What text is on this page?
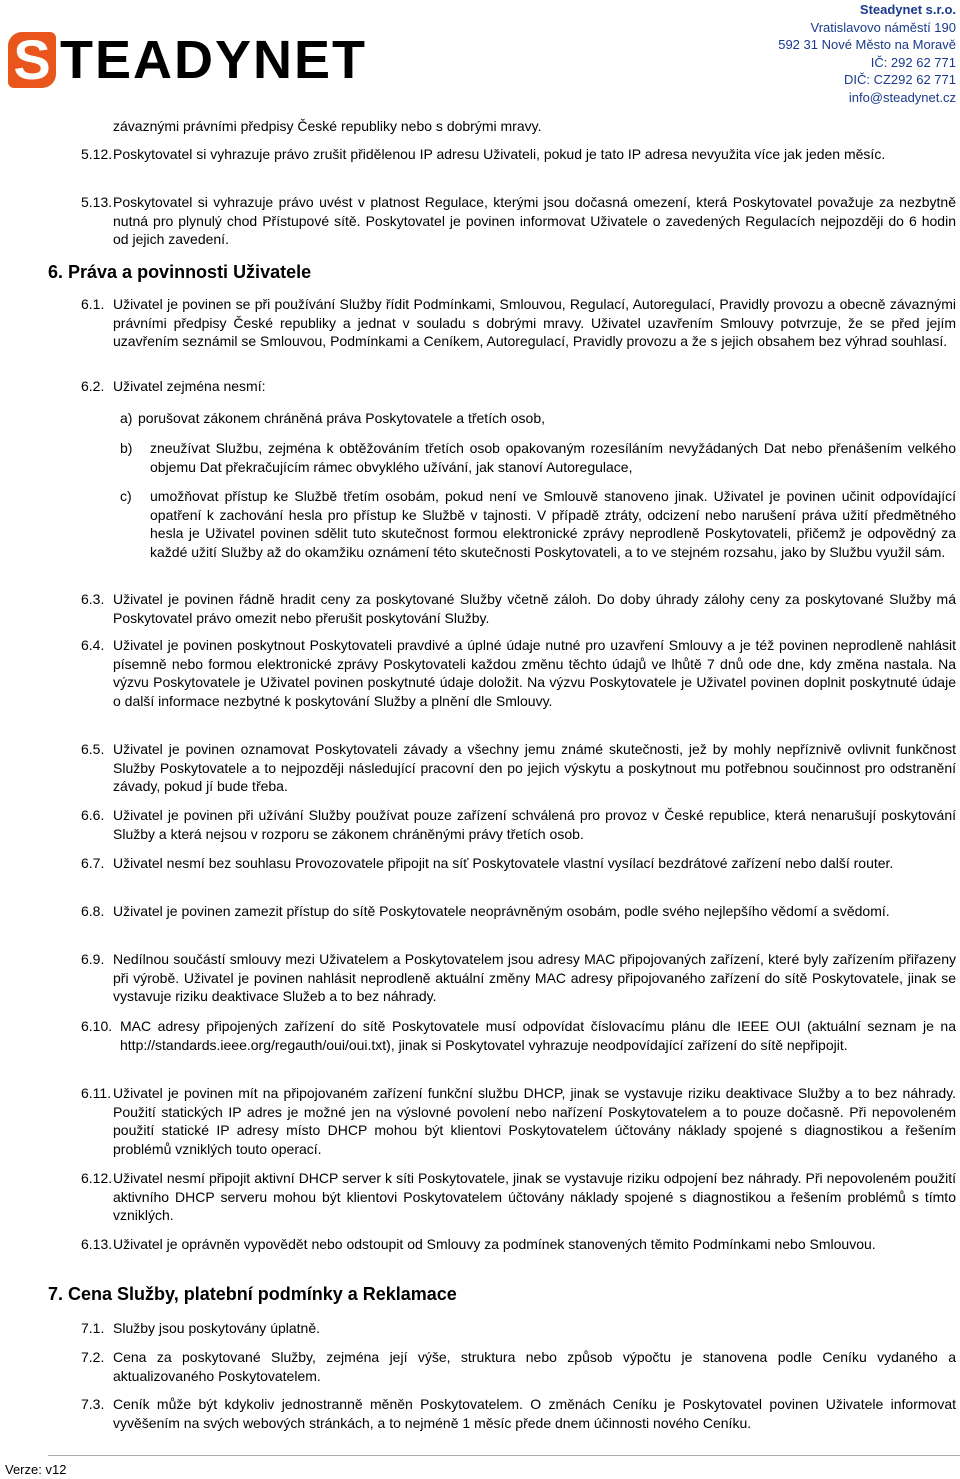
S TEADYNET
Steadynet s.r.o.
Vratislavovo náměstí 190
592 31 Nové Město na Moravě
IČ: 292 62 771
DIČ: CZ292 62 771
info@steadynet.cz
závaznými právními předpisy České republiky nebo s dobrými mravy.
5.12. Poskytovatel si vyhrazuje právo zrušit přidělenou IP adresu Uživateli, pokud je tato IP adresa nevyužita více jak jeden měsíc.
5.13. Poskytovatel si vyhrazuje právo uvést v platnost Regulace, kterými jsou dočasná omezení, která Poskytovatel považuje za nezbytně nutná pro plynulý chod Přístupové sítě. Poskytovatel je povinen informovat Uživatele o zavedených Regulacích nejpozději do 6 hodin od jejich zavedení.
6. Práva a povinnosti Uživatele
6.1. Uživatel je povinen se při používání Služby řídit Podmínkami, Smlouvou, Regulací, Autoregulací, Pravidly provozu a obecně závaznými právními předpisy České republiky a jednat v souladu s dobrými mravy. Uživatel uzavřením Smlouvy potvrzuje, že se před jejím uzavřením seznámil se Smlouvou, Podmínkami a Ceníkem, Autoregulací, Pravidly provozu a že s jejich obsahem bez výhrad souhlasí.
6.2. Uživatel zejména nesmí:
a) porušovat zákonem chráněná práva Poskytovatele a třetích osob,
b) zneužívat Službu, zejména k obtěžováním třetích osob opakovaným rozesíláním nevyžádaných Dat nebo přenášením velkého objemu Dat překračujícím rámec obvyklého užívání, jak stanoví Autoregulace,
c) umožňovat přístup ke Službě třetím osobám, pokud není ve Smlouvě stanoveno jinak. Uživatel je povinen učinit odpovídající opatření k zachování hesla pro přístup ke Službě v tajnosti. V případě ztráty, odcizení nebo narušení práva užití předmětného hesla je Uživatel povinen sdělit tuto skutečnost formou elektronické zprávy neprodleně Poskytovateli, přičemž je odpovědný za každé užití Služby až do okamžiku oznámení této skutečnosti Poskytovateli, a to ve stejném rozsahu, jako by Službu využil sám.
6.3. Uživatel je povinen řádně hradit ceny za poskytované Služby včetně záloh. Do doby úhrady zálohy ceny za poskytované Služby má Poskytovatel právo omezit nebo přerušit poskytování Služby.
6.4. Uživatel je povinen poskytnout Poskytovateli pravdivé a úplné údaje nutné pro uzavření Smlouvy a je též povinen neprodleně nahlásit písemně nebo formou elektronické zprávy Poskytovateli každou změnu těchto údajů ve lhůtě 7 dnů ode dne, kdy změna nastala. Na výzvu Poskytovatele je Uživatel povinen poskytnuté údaje doložit. Na výzvu Poskytovatele je Uživatel povinen doplnit poskytnuté údaje o další informace nezbytné k poskytování Služby a plnění dle Smlouvy.
6.5. Uživatel je povinen oznamovat Poskytovateli závady a všechny jemu známé skutečnosti, jež by mohly nepříznivě ovlivnit funkčnost Služby Poskytovatele a to nejpozději následující pracovní den po jejich výskytu a poskytnout mu potřebnou součinnost pro odstranění závady, pokud jí bude třeba.
6.6. Uživatel je povinen při užívání Služby používat pouze zařízení schválená pro provoz v České republice, která nenarušují poskytování Služby a která nejsou v rozporu se zákonem chráněnými právy třetích osob.
6.7. Uživatel nesmí bez souhlasu Provozovatele připojit na síť Poskytovatele vlastní vysílací bezdrátové zařízení nebo další router.
6.8. Uživatel je povinen zamezit přístup do sítě Poskytovatele neoprávněným osobám, podle svého nejlepšího vědomí a svědomí.
6.9. Nedílnou součástí smlouvy mezi Uživatelem a Poskytovatelem jsou adresy MAC připojovaných zařízení, které byly zařízením přiřazeny při výrobě. Uživatel je povinen nahlásit neprodleně aktuální změny MAC adresy připojovaného zařízení do sítě Poskytovatele, jinak se vystavuje riziku deaktivace Služeb a to bez náhrady.
6.10. MAC adresy připojených zařízení do sítě Poskytovatele musí odpovídat číslovacímu plánu dle IEEE OUI (aktuální seznam je na http://standards.ieee.org/regauth/oui/oui.txt), jinak si Poskytovatel vyhrazuje neodpovídající zařízení do sítě nepřipojit.
6.11. Uživatel je povinen mít na připojovaném zařízení funkční službu DHCP, jinak se vystavuje riziku deaktivace Služby a to bez náhrady. Použití statických IP adres je možné jen na výslovné povolení nebo nařízení Poskytovatelem a to pouze dočasně. Při nepovoleném použití statické IP adresy místo DHCP mohou být klientovi Poskytovatelem účtovány náklady spojené s diagnostikou a řešením problémů vzniklých touto operací.
6.12. Uživatel nesmí připojit aktivní DHCP server k síti Poskytovatele, jinak se vystavuje riziku odpojení bez náhrady. Při nepovoleném použití aktivního DHCP serveru mohou být klientovi Poskytovatelem účtovány náklady spojené s diagnostikou a řešením problémů s tímto vzniklých.
6.13. Uživatel je oprávněn vypovědět nebo odstoupit od Smlouvy za podmínek stanovených těmito Podmínkami nebo Smlouvou.
7. Cena Služby, platební podmínky a Reklamace
7.1. Služby jsou poskytovány úplatně.
7.2. Cena za poskytované Služby, zejména její výše, struktura nebo způsob výpočtu je stanovena podle Ceníku vydaného a aktualizovaného Poskytovatelem.
7.3. Ceník může být kdykoliv jednostranně měněn Poskytovatelem. O změnách Ceníku je Poskytovatel povinen Uživatele informovat vyvěšením na svých webových stránkách, a to nejméně 1 měsíc přede dnem účinnosti nového Ceníku.
Verze: v12
